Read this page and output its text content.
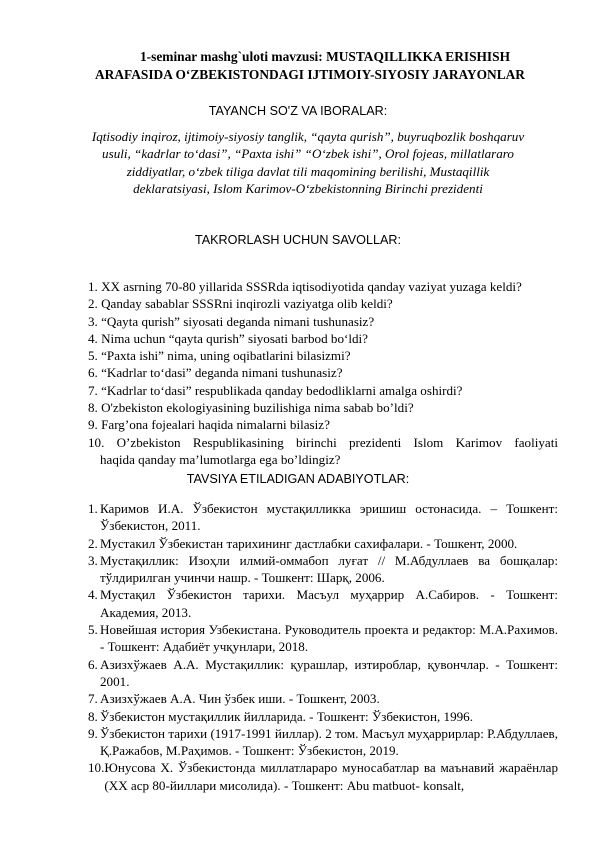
1-seminar mashg`uloti mavzusi: MUSTAQILLIKKA ERISHISH
ARAFASIDA O‘ZBEKISTONDAGI IJTIMOIY-SIYOSIY JARAYONLAR
TAYANCH SO'Z VA IBORALAR:
Iqtisodiy inqiroz, ijtimoiy-siyosiy tanglik, “qayta qurish”, buyruqbozlik boshqaruv usuli, “kadrlar to‘dasi”, “Paxta ishi” “O‘zbek ishi”, Orol fojeas, millatlararo ziddiyatlar, o‘zbek tiliga davlat tili maqomining berilishi, Mustaqillik deklaratsiyasi, Islom Karimov-O‘zbekistonning Birinchi prezidenti
TAKRORLASH UCHUN SAVOLLAR:
1. XX asrning 70-80 yillarida SSSRda iqtisodiyotida qanday vaziyat yuzaga keldi?
2. Qanday sabablar SSSRni inqirozli vaziyatga olib keldi?
3. “Qayta qurish” siyosati deganda nimani tushunasiz?
4. Nima uchun “qayta qurish” siyosati barbod bo‘ldi?
5. “Paxta ishi” nima, uning oqibatlarini bilasizmi?
6. “Kadrlar to‘dasi” deganda nimani tushunasiz?
7. “Kadrlar to‘dasi” respublikada qanday bedodliklarni amalga oshirdi?
8. O'zbekiston ekologiyasining buzilishiga nima sabab bo’ldi?
9. Farg’ona fojealari haqida nimalarni bilasiz?
10. O’zbekiston Respublikasining birinchi prezidenti Islom Karimov faoliyati
haqida qanday ma’lumotlarga ega bo’ldingiz?
TAVSIYA ETILADIGAN ADABIYOTLAR:
1. Каримов И.А. Ўзбекистон мустақилликка эришиш остонасида. – Тошкент: Ўзбекистон, 2011.
2. Мустакил Ўзбекистан тарихининг дастлабки сахифалари. - Тошкент, 2000.
3. Мустақиллик: Изоҳли илмий-оммабоп луғат // М.Абдуллаев ва бошқалар: тўлдирилган учинчи нашр. - Тошкент: Шарқ, 2006.
4. Мустақил Ўзбекистон тарихи. Масъул муҳаррир А.Сабиров. - Тошкент: Академия, 2013.
5. Новейшая история Узбекистана. Руководитель проекта и редактор: М.А.Рахимов. - Тошкент: Адабиёт учқунлари, 2018.
6. Азизхўжаев А.А. Мустақиллик: қурашлар, изтироблар, қувончлар. - Тошкент: 2001.
7. Азизхўжаев А.А. Чин ўзбек иши. - Тошкент, 2003.
8. Ўзбекистон мустақиллик йилларида. - Тошкент: Ўзбекистон, 1996.
9. Ўзбекистон тарихи (1917-1991 йиллар). 2 том. Масъул муҳаррирлар: Р.Абдуллаев, Қ.Ражабов, М.Раҳимов. - Тошкент: Ўзбекистон, 2019.
10. Юнусова Х. Ўзбекистонда миллатлараро муносабатлар ва маънавий жараёнлар (ХХ аср 80-йиллари мисолида). - Тошкент: Abu matbuot- konsalt,
